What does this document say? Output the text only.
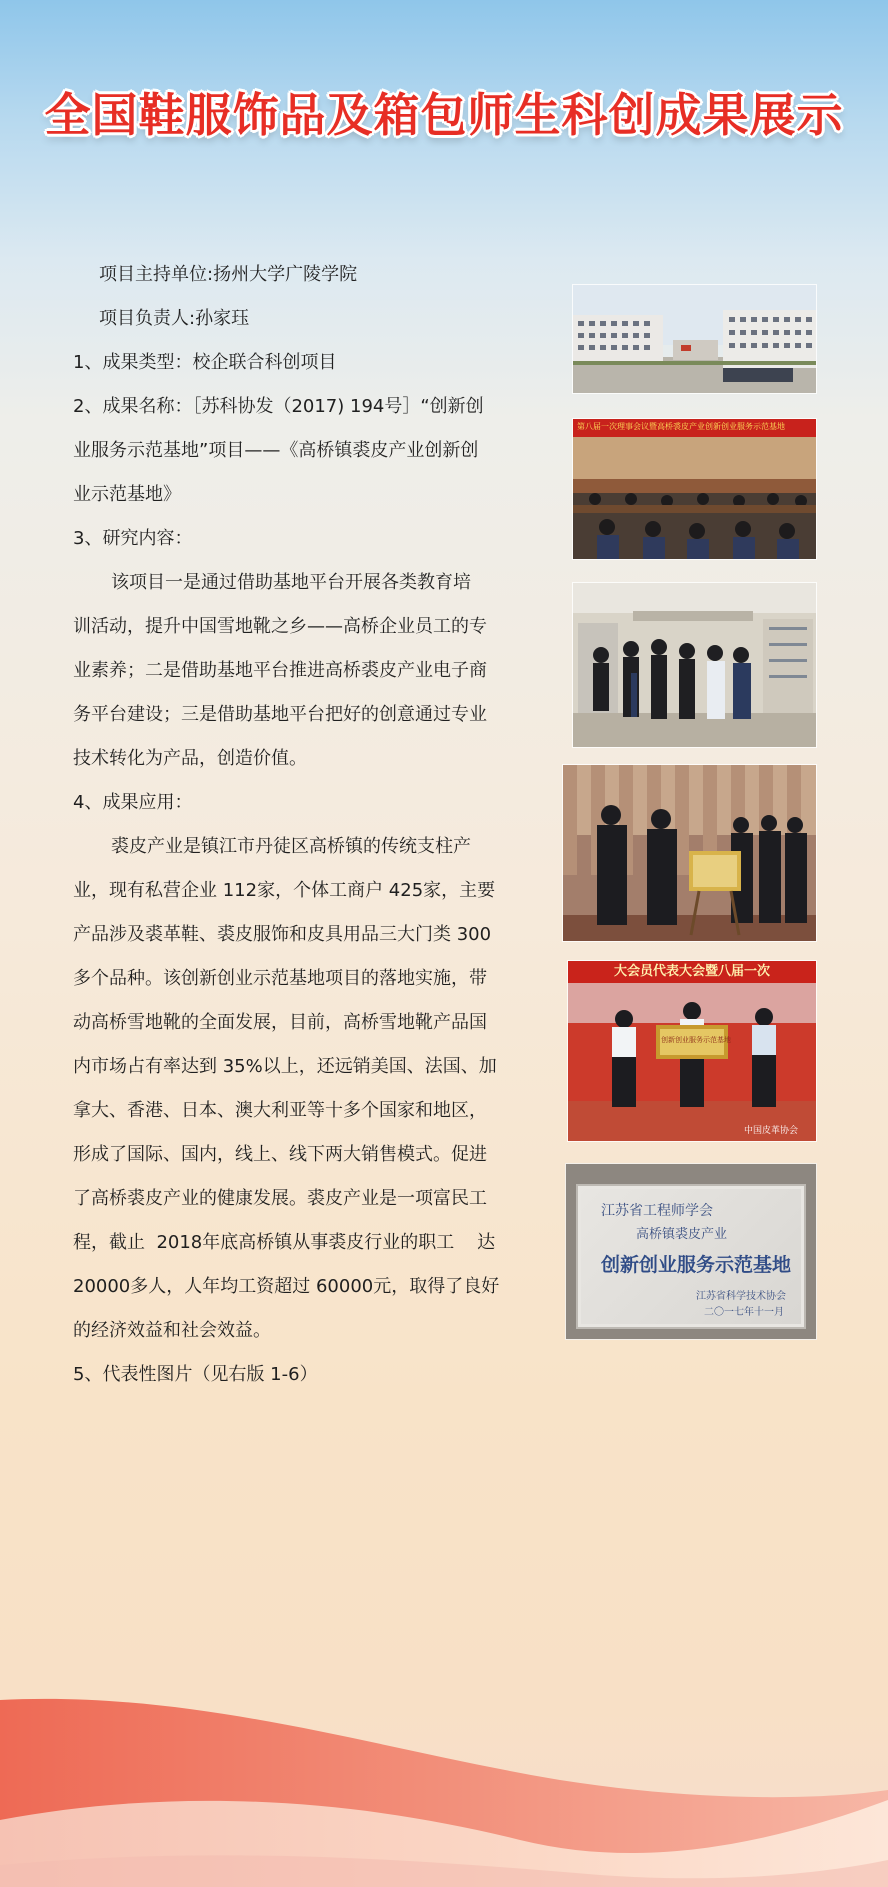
全国鞋服饰品及箱包师生科创成果展示

项目主持单位:扬州大学广陵学院

项目负责人:孙家珏

1、成果类型：校企联合科创项目

2、成果名称：［苏科协发（2017) 194号］“创新创

业服务示范基地”项目——《高桥镇裘皮产业创新创

业示范基地》

3、研究内容：

该项目一是通过借助基地平台开展各类教育培

训活动，提升中国雪地靴之乡——高桥企业员工的专

业素养；二是借助基地平台推进高桥裘皮产业电子商

务平台建设；三是借助基地平台把好的创意通过专业

技术转化为产品，创造价值。

4、成果应用：

裘皮产业是镇江市丹徒区高桥镇的传统支柱产

业，现有私营企业 112家，个体工商户 425家，主要

产品涉及裘革鞋、裘皮服饰和皮具用品三大门类 300

多个品种。该创新创业示范基地项目的落地实施，带

动高桥雪地靴的全面发展，目前，高桥雪地靴产品国

内市场占有率达到 35%以上，还远销美国、法国、加

拿大、香港、日本、澳大利亚等十多个国家和地区，

形成了国际、国内，线上、线下两大销售模式。促进

了高桥裘皮产业的健康发展。裘皮产业是一项富民工

程，截止  2018年底高桥镇从事裘皮行业的职工    达

20000多人，人年均工资超过 60000元，取得了良好

的经济效益和社会效益。

5、代表性图片（见右版 1-6）

第八届一次理事会议暨高桥裘皮产业创新创业服务示范基地
大会员代表大会暨八届一次
创新创业服务示范基地
中国皮革协会
江苏省工程师学会
高桥镇裘皮产业
创新创业服务示范基地
江苏省科学技术协会
二〇一七年十一月
